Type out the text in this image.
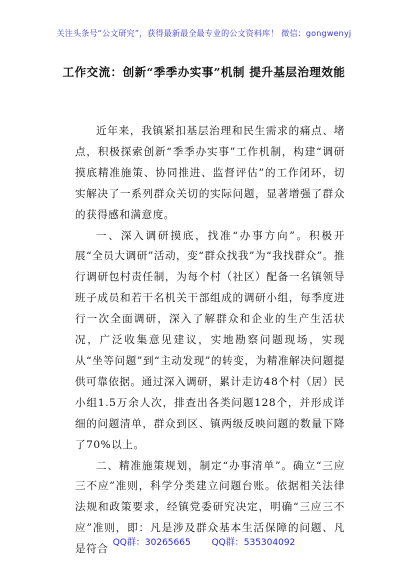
关注头条号“公文研究”，获得最新最全最专业的公文资料库！ 微信：gongwenyj
工作交流：创新“季季办实事”机制 提升基层治理效能

近年来，我镇紧扣基层治理和民生需求的痛点、堵点，积极探索创新“季季办实事”工作机制，构建“调研摸底精准施策、协同推进、监督评估”的工作闭环，切实解决了一系列群众关切的实际问题，显著增强了群众的获得感和满意度。

一、深入调研摸底，找准“办事方向”。积极开展“全员大调研”活动，变“群众找我”为“我找群众”。推行调研包村责任制，为每个村（社区）配备一名镇领导班子成员和若干名机关干部组成的调研小组，每季度进行一次全面调研，深入了解群众和企业的生产生活状况，广泛收集意见建议，实地勘察问题现场，实现从“坐等问题”到“主动发现”的转变，为精准解决问题提供可靠依据。通过深入调研，累计走访48个村（居）民小组1.5万余人次，排查出各类问题128个，并形成详细的问题清单，群众到区、镇两级反映问题的数量下降了70%以上。

二、精准施策规划，制定“办事清单”。确立“三应三不应”准则，科学分类建立问题台账。依据相关法律法规和政策要求，经镇党委研究决定，明确“三应三不应”准则，即：凡是涉及群众基本生活保障的问题、凡是符合

QQ群：30265665 QQ群：535304092
